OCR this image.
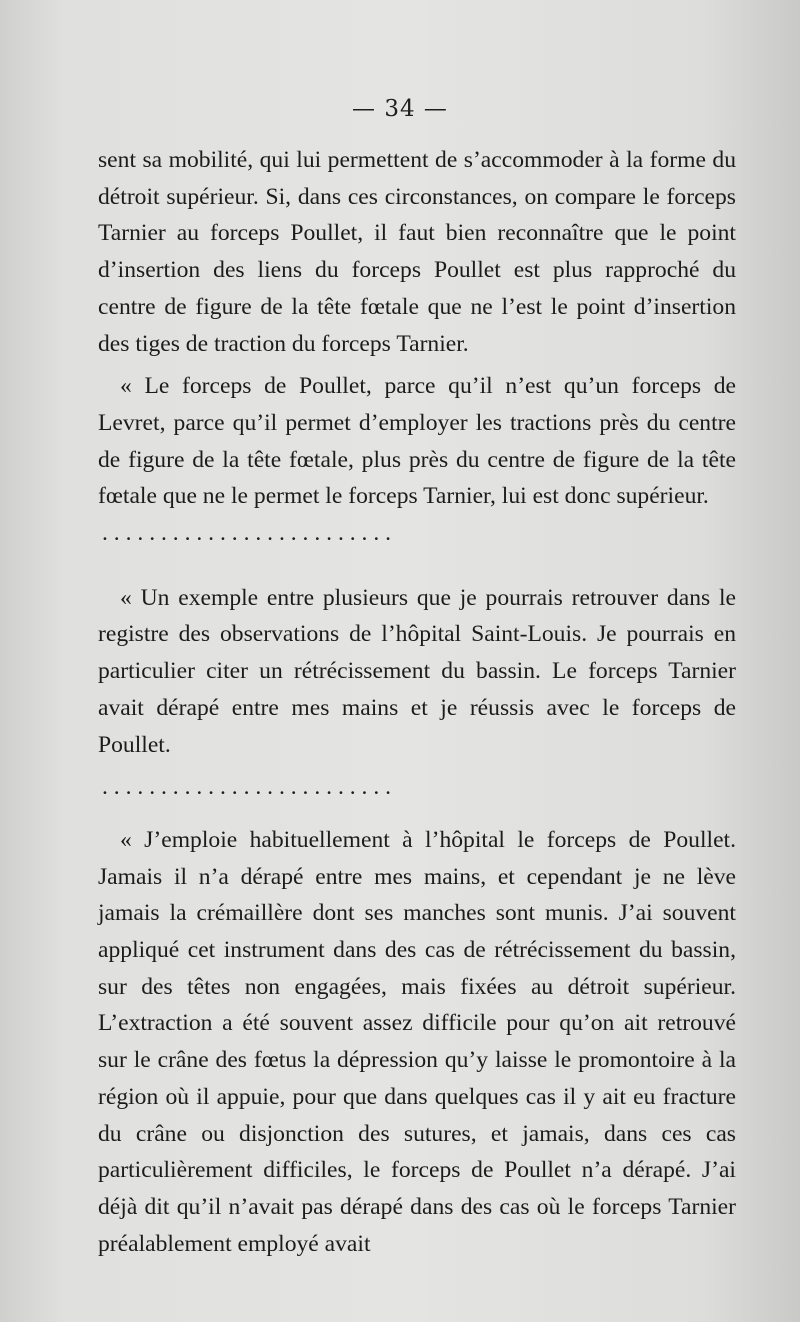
— 34 —

sent sa mobilité, qui lui permettent de s’accommoder à la forme du détroit supérieur. Si, dans ces circonstances, on compare le forceps Tarnier au forceps Poullet, il faut bien reconnaître que le point d’insertion des liens du forceps Poullet est plus rapproché du centre de figure de la tête fœtale que ne l’est le point d’insertion des tiges de traction du forceps Tarnier.

« Le forceps de Poullet, parce qu’il n’est qu’un forceps de Levret, parce qu’il permet d’employer les tractions près du centre de figure de la tête fœtale, plus près du centre de figure de la tête fœtale que ne le permet le forceps Tarnier, lui est donc supérieur.

. . . . . . . . . . . . . . . . . . . . . . . . .

« Un exemple entre plusieurs que je pourrais retrouver dans le registre des observations de l’hôpital Saint-Louis. Je pourrais en particulier citer un rétrécissement du bassin. Le forceps Tarnier avait dérapé entre mes mains et je réussis avec le forceps de Poullet.

. . . . . . . . . . . . . . . . . . . . . . . . .

« J’emploie habituellement à l’hôpital le forceps de Poullet. Jamais il n’a dérapé entre mes mains, et cependant je ne lève jamais la crémaillère dont ses manches sont munis. J’ai souvent appliqué cet instrument dans des cas de rétrécissement du bassin, sur des têtes non engagées, mais fixées au détroit supérieur. L’extraction a été souvent assez difficile pour qu’on ait retrouvé sur le crâne des fœtus la dépression qu’y laisse le promontoire à la région où il appuie, pour que dans quelques cas il y ait eu fracture du crâne ou disjonction des sutures, et jamais, dans ces cas particulièrement difficiles, le forceps de Poullet n’a dérapé. J’ai déjà dit qu’il n’avait pas dérapé dans des cas où le forceps Tarnier préalablement employé avait
